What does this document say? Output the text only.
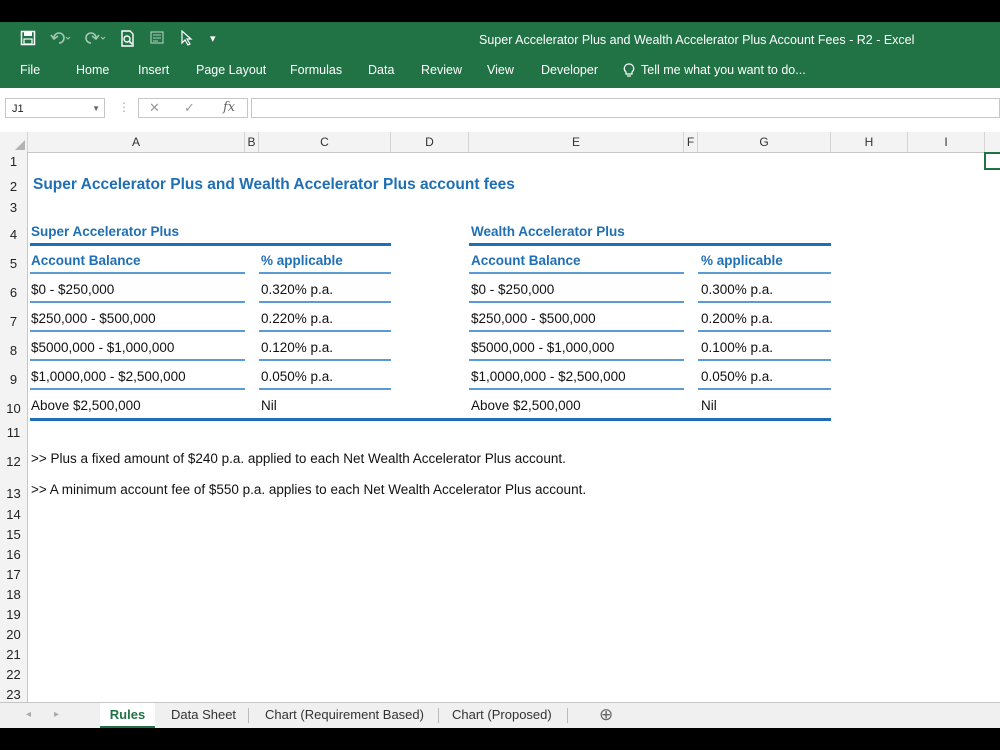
▾	Super Accelerator Plus and Wealth Accelerator Plus Account Fees - R2 - Excel
File	Home Insert Page Layout Formulas Data Review View Developer	Tell me what you want to do...
J1	▼ ⋮ ✕ ✓ fx
A	B	C	D	E	F	G	H	I
1
2
3
4
5
6
7
8
9
10
11
12
13
14
15
16
17
18
19
20
21
22
23
Super Accelerator Plus and Wealth Accelerator Plus account fees
Super Accelerator Plus
Account Balance	% applicable
$0 - $250,000	0.320% p.a.
$250,000 - $500,000	0.220% p.a.
$5000,000 - $1,000,000	0.120% p.a.
$1,0000,000 - $2,500,000	0.050% p.a.
Above $2,500,000	Nil
Wealth Accelerator Plus
Account Balance	% applicable
$0 - $250,000	0.300% p.a.
$250,000 - $500,000	0.200% p.a.
$5000,000 - $1,000,000	0.100% p.a.
$1,0000,000 - $2,500,000	0.050% p.a.
Above $2,500,000	Nil
>> Plus a fixed amount of $240 p.a. applied to each Net Wealth Accelerator Plus account.
>> A minimum account fee of $550 p.a. applies to each Net Wealth Accelerator Plus account.
◂ ▸	Rules	Data Sheet Chart (Requirement Based) Chart (Proposed)	⊕
